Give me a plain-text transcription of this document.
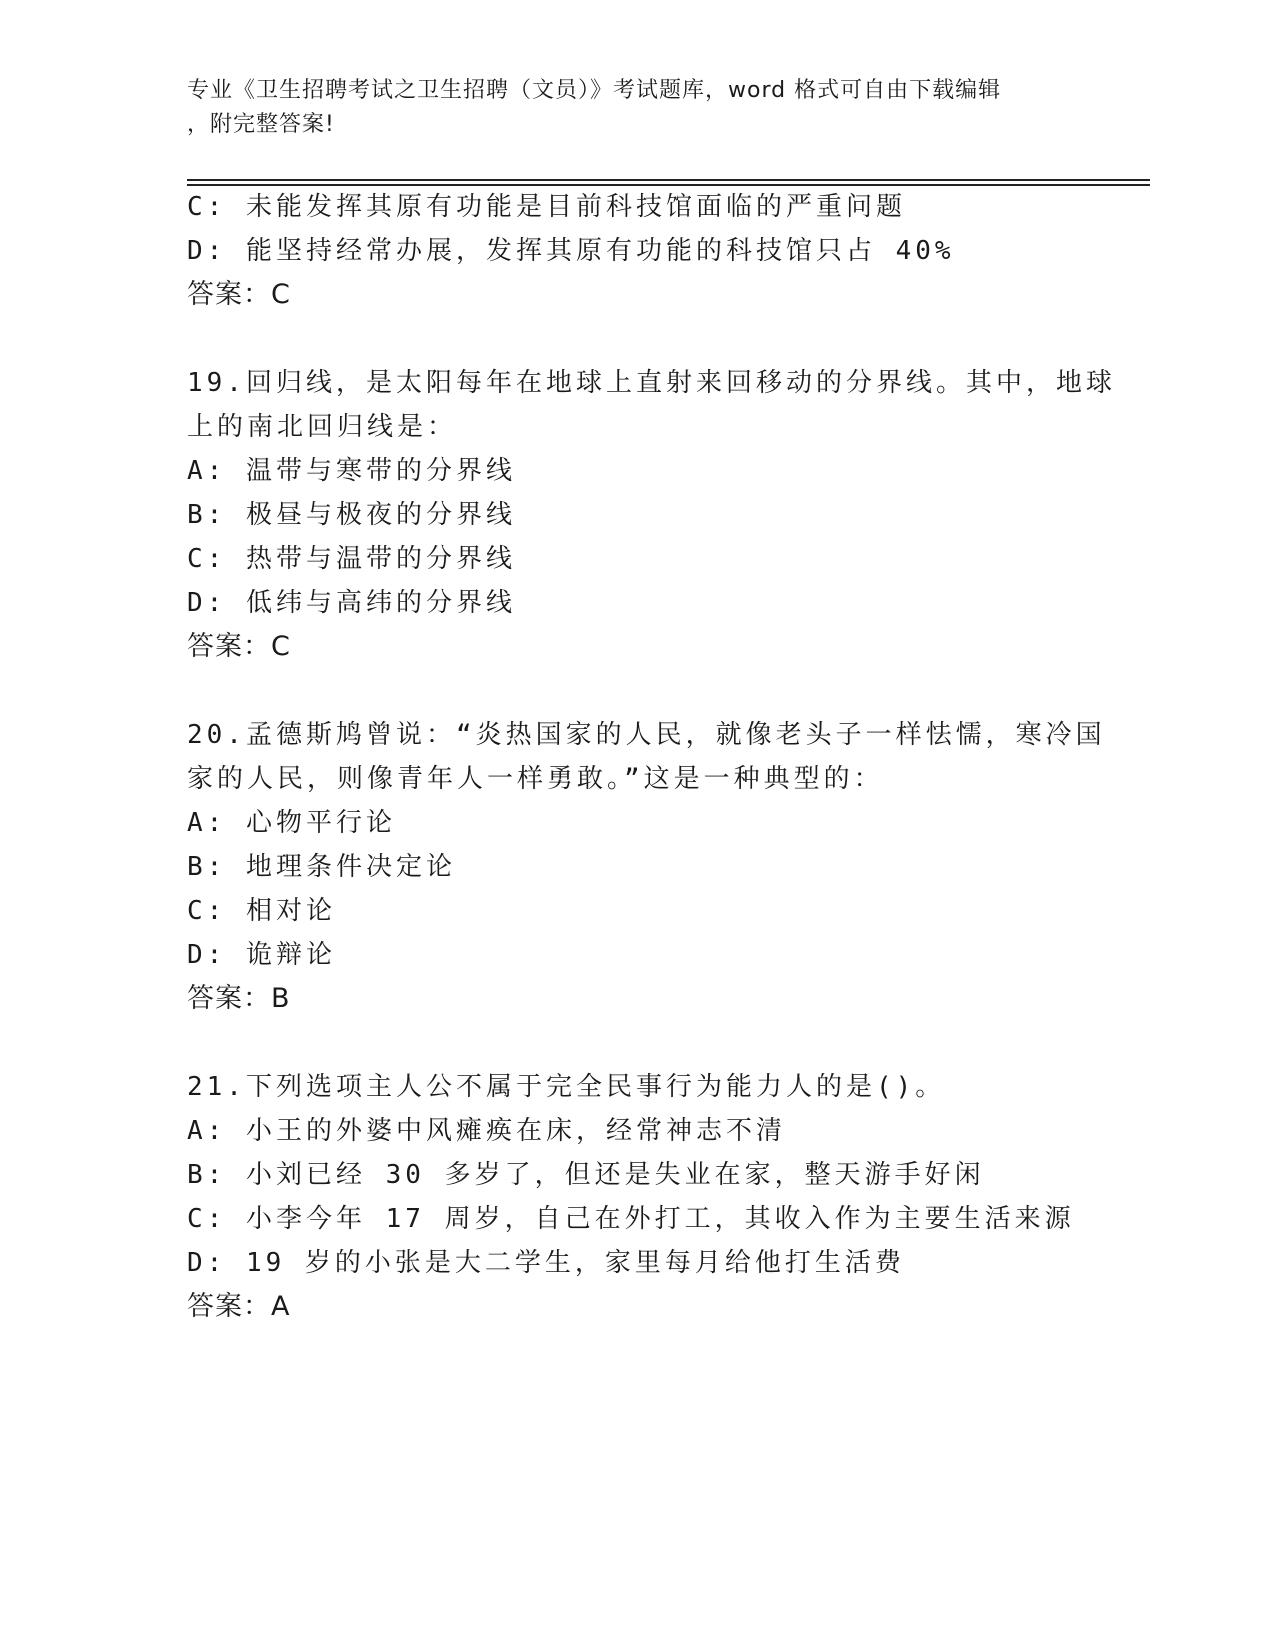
专业《卫生招聘考试之卫生招聘（文员）》考试题库，word 格式可自由下载编辑
，附完整答案!
C: 未能发挥其原有功能是目前科技馆面临的严重问题
D: 能坚持经常办展，发挥其原有功能的科技馆只占 40%
答案：C
19.回归线，是太阳每年在地球上直射来回移动的分界线。其中，地球
上的南北回归线是：
A: 温带与寒带的分界线
B: 极昼与极夜的分界线
C: 热带与温带的分界线
D: 低纬与高纬的分界线
答案：C
20.孟德斯鸠曾说：“炎热国家的人民，就像老头子一样怯懦，寒冷国
家的人民，则像青年人一样勇敢。”这是一种典型的：
A: 心物平行论
B: 地理条件决定论
C: 相对论
D: 诡辩论
答案：B
21.下列选项主人公不属于完全民事行为能力人的是()。
A: 小王的外婆中风瘫痪在床，经常神志不清
B: 小刘已经 30 多岁了，但还是失业在家，整天游手好闲
C: 小李今年 17 周岁，自己在外打工，其收入作为主要生活来源
D: 19 岁的小张是大二学生，家里每月给他打生活费
答案：A
